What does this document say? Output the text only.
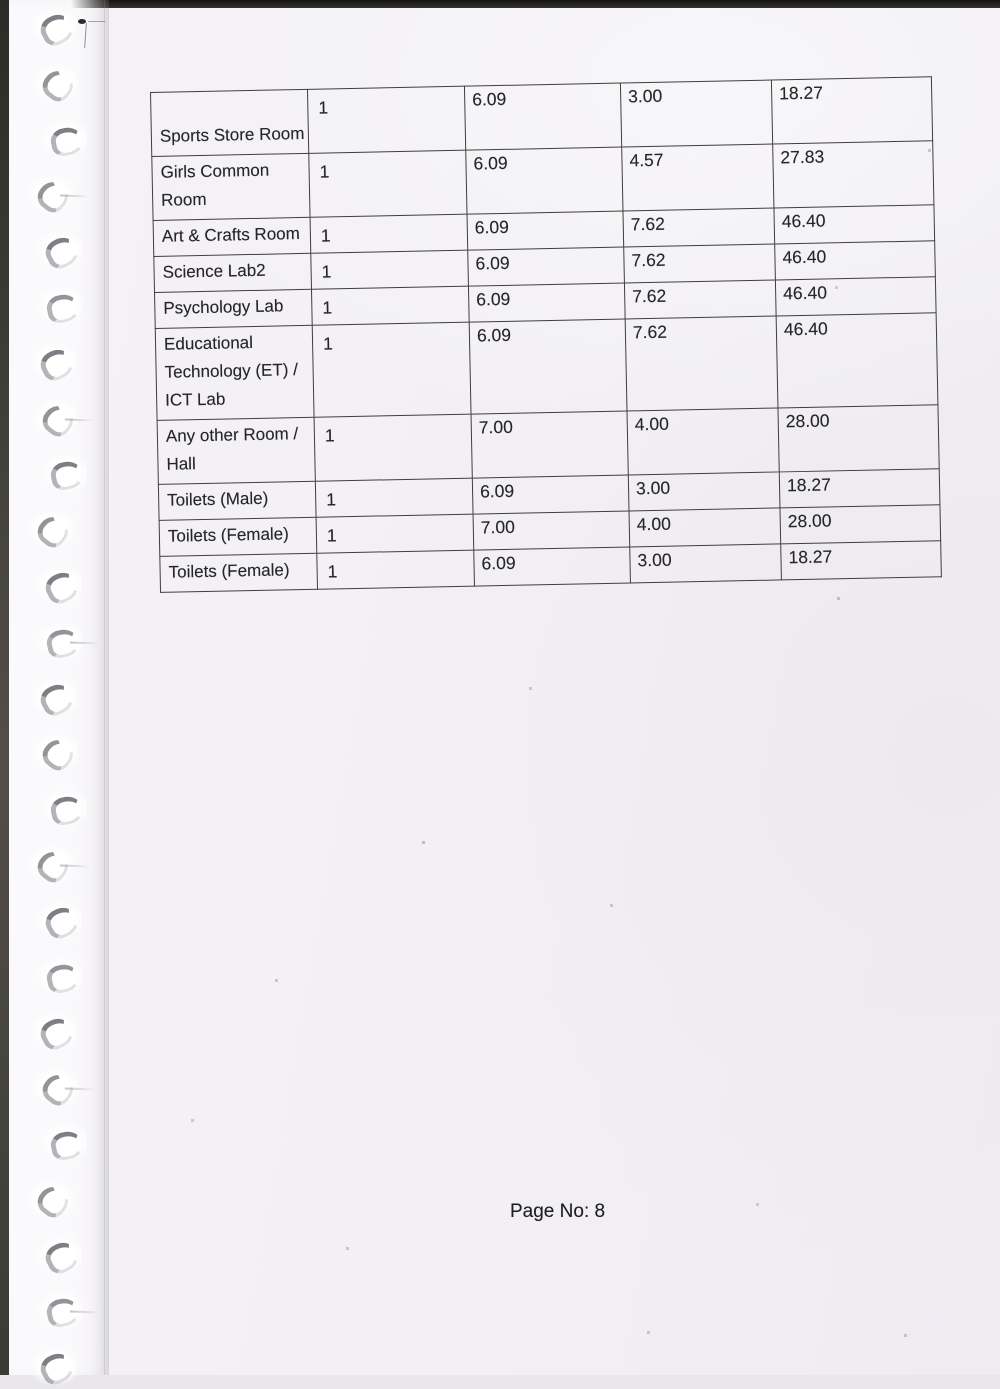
Sports Store Room	1	6.09	3.00	18.27
Girls Common Room	1	6.09	4.57	27.83
Art & Crafts Room	1	6.09	7.62	46.40
Science Lab2	1	6.09	7.62	46.40
Psychology Lab	1	6.09	7.62	46.40
Educational Technology (ET) / ICT Lab	1	6.09	7.62	46.40
Any other Room / Hall	1	7.00	4.00	28.00
Toilets (Male)	1	6.09	3.00	18.27
Toilets (Female)	1	7.00	4.00	28.00
Toilets (Female)	1	6.09	3.00	18.27
Page No: 8
